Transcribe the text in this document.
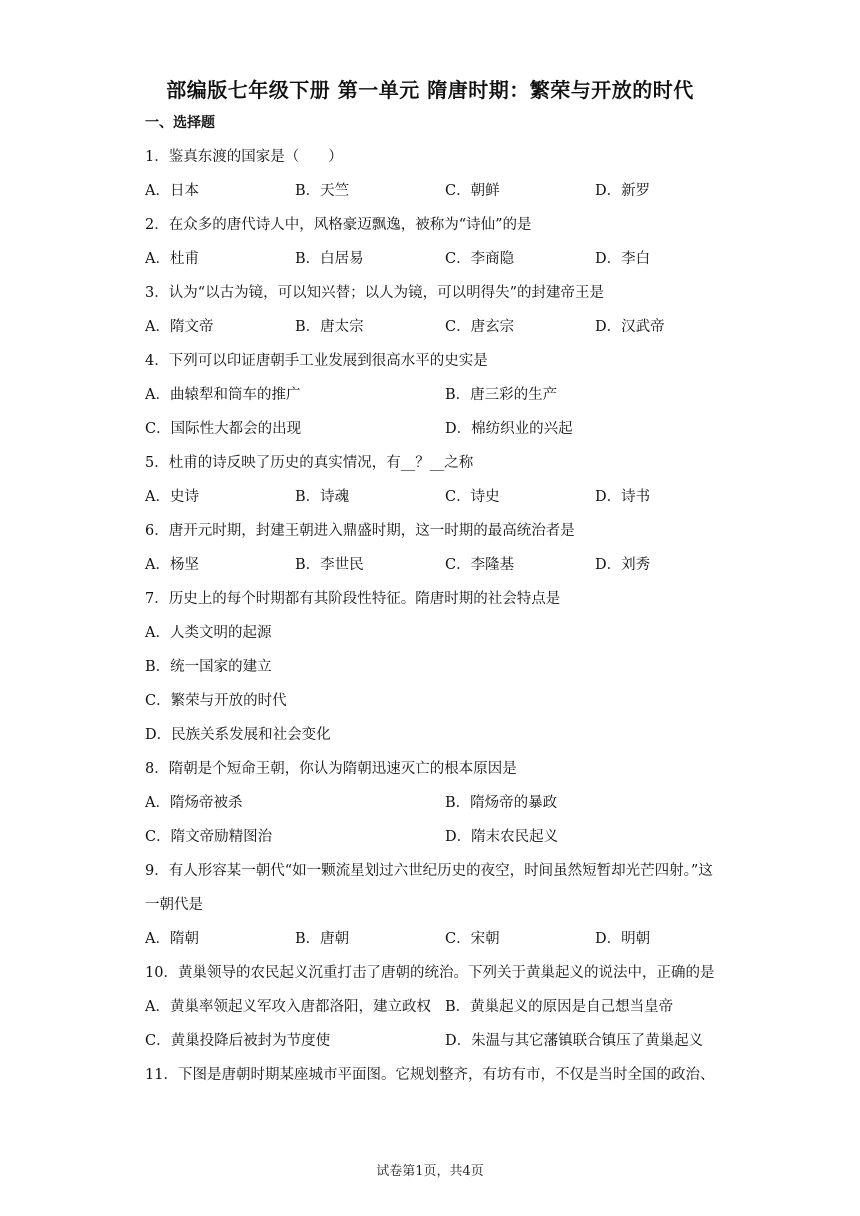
部编版七年级下册 第一单元 隋唐时期：繁荣与开放的时代
一、选择题
1．鉴真东渡的国家是（　　）
A．日本	B．天竺	C．朝鲜	D．新罗
2．在众多的唐代诗人中，风格豪迈飘逸，被称为“诗仙”的是
A．杜甫	B．白居易	C．李商隐	D．李白
3．认为“以古为镜，可以知兴替；以人为镜，可以明得失”的封建帝王是
A．隋文帝	B．唐太宗	C．唐玄宗	D．汉武帝
4．下列可以印证唐朝手工业发展到很高水平的史实是
A．曲辕犁和筒车的推广	B．唐三彩的生产
C．国际性大都会的出现	D．棉纺织业的兴起
5．杜甫的诗反映了历史的真实情况，有__？__之称
A．史诗	B．诗魂	C．诗史	D．诗书
6．唐开元时期，封建王朝进入鼎盛时期，这一时期的最高统治者是
A．杨坚	B．李世民	C．李隆基	D．刘秀
7．历史上的每个时期都有其阶段性特征。隋唐时期的社会特点是
A．人类文明的起源
B．统一国家的建立
C．繁荣与开放的时代
D．民族关系发展和社会变化
8．隋朝是个短命王朝，你认为隋朝迅速灭亡的根本原因是
A．隋炀帝被杀	B．隋炀帝的暴政
C．隋文帝励精图治	D．隋末农民起义
9．有人形容某一朝代“如一颗流星划过六世纪历史的夜空，时间虽然短暂却光芒四射。”这一朝代是
A．隋朝	B．唐朝	C．宋朝	D．明朝
10．黄巢领导的农民起义沉重打击了唐朝的统治。下列关于黄巢起义的说法中，正确的是
A．黄巢率领起义军攻入唐都洛阳，建立政权 B．黄巢起义的原因是自己想当皇帝
C．黄巢投降后被封为节度使	D．朱温与其它藩镇联合镇压了黄巢起义
11．下图是唐朝时期某座城市平面图。它规划整齐，有坊有市，不仅是当时全国的政治、
试卷第1页，共4页
